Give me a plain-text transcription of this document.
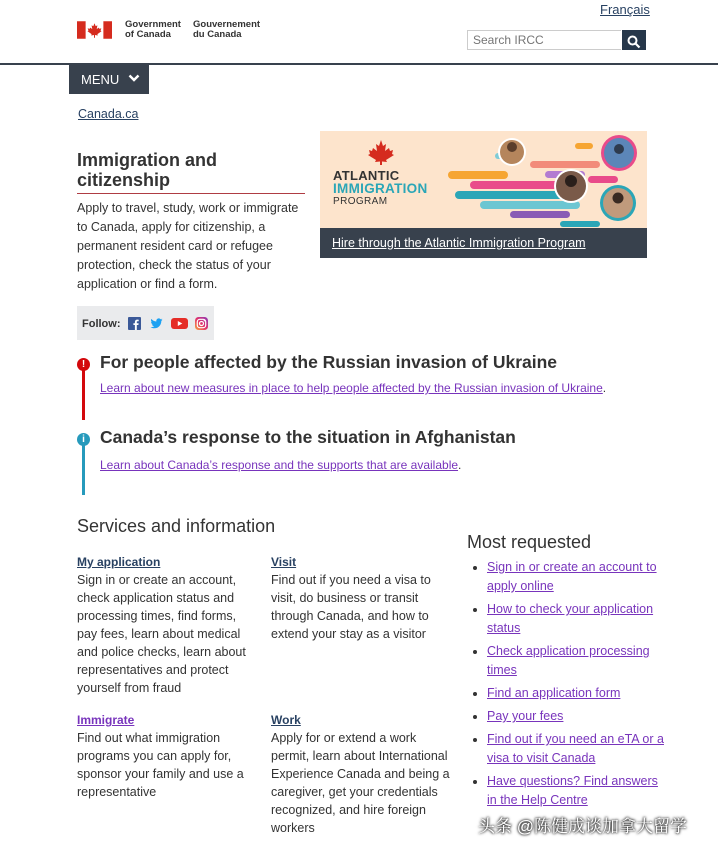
Français
Government
of Canada
Gouvernement
du Canada
Search IRCC
MENU
Canada.ca
Immigration and citizenship

Apply to travel, study, work or immigrate to Canada, apply for citizenship, a permanent resident card or refugee protection, check the status of your application or find a form.

Follow:
ATLANTIC
IMMIGRATION
PROGRAM
Hire through the Atlantic Immigration Program
! For people affected by the Russian invasion of Ukraine
Learn about new measures in place to help people affected by the Russian invasion of Ukraine.
i Canada’s response to the situation in Afghanistan
Learn about Canada’s response and the supports that are available.
Services and information
My application
Sign in or create an account, check application status and processing times, find forms, pay fees, learn about medical and police checks, learn about representatives and protect yourself from fraud
Visit
Find out if you need a visa to visit, do business or transit through Canada, and how to extend your stay as a visitor
Immigrate
Find out what immigration programs you can apply for, sponsor your family and use a representative
Work
Apply for or extend a work permit, learn about International Experience Canada and being a caregiver, get your credentials recognized, and hire foreign workers
Most requested
• Sign in or create an account to apply online
• How to check your application status
• Check application processing times
• Find an application form
• Pay your fees
• Find out if you need an eTA or a visa to visit Canada
• Have questions? Find answers in the Help Centre
头条 @陈健成谈加拿大留学
